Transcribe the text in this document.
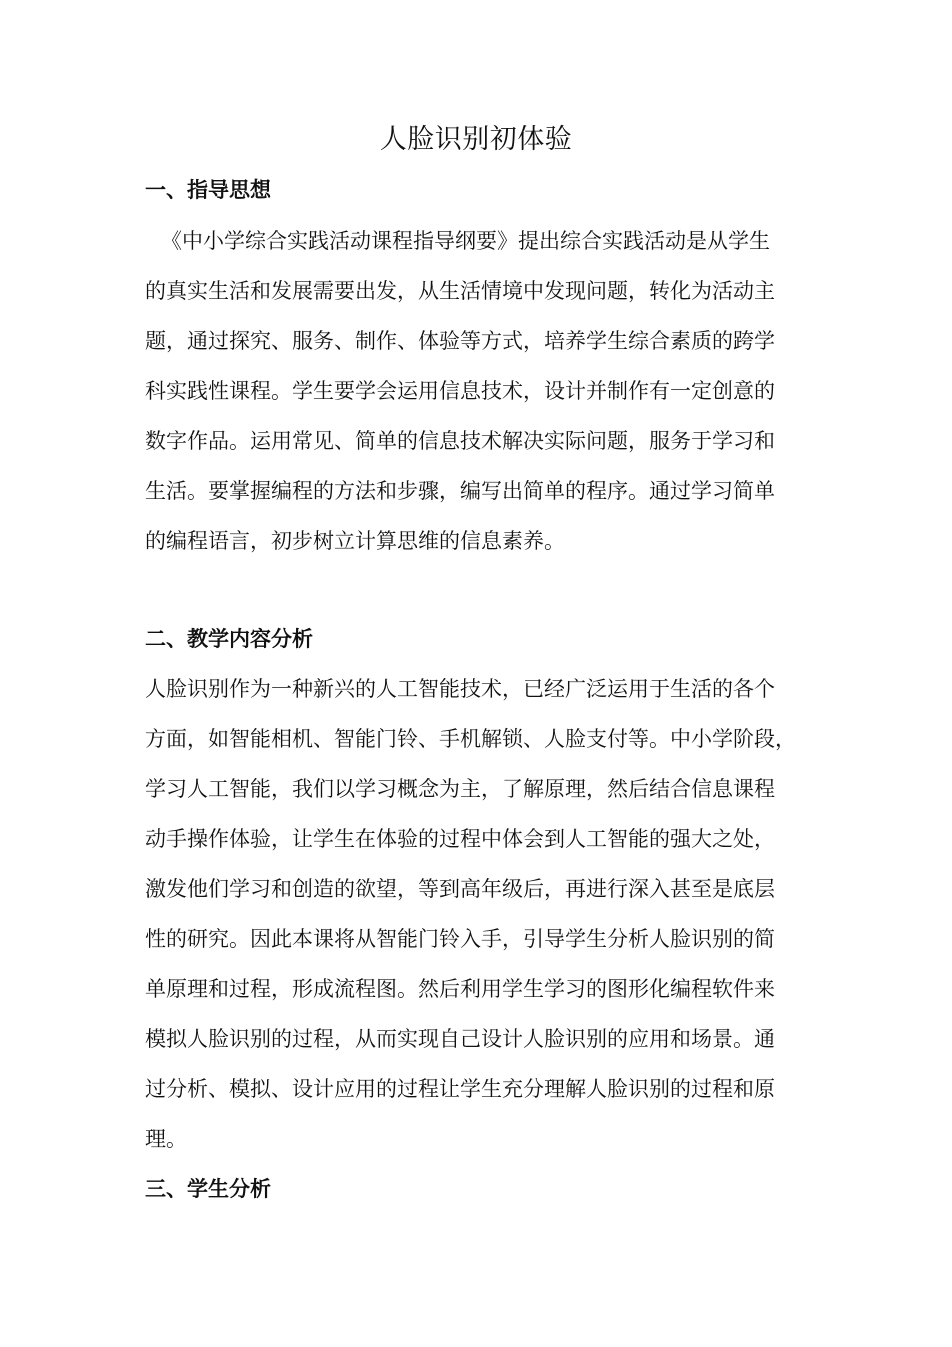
人脸识别初体验
一、指导思想
《中小学综合实践活动课程指导纲要》提出综合实践活动是从学生
的真实生活和发展需要出发，从生活情境中发现问题，转化为活动主
题，通过探究、服务、制作、体验等方式，培养学生综合素质的跨学
科实践性课程。学生要学会运用信息技术，设计并制作有一定创意的
数字作品。运用常见、简单的信息技术解决实际问题，服务于学习和
生活。要掌握编程的方法和步骤，编写出简单的程序。通过学习简单
的编程语言，初步树立计算思维的信息素养。
二、教学内容分析
人脸识别作为一种新兴的人工智能技术，已经广泛运用于生活的各个
方面，如智能相机、智能门铃、手机解锁、人脸支付等。中小学阶段，
学习人工智能，我们以学习概念为主，了解原理，然后结合信息课程
动手操作体验，让学生在体验的过程中体会到人工智能的强大之处，
激发他们学习和创造的欲望，等到高年级后，再进行深入甚至是底层
性的研究。因此本课将从智能门铃入手，引导学生分析人脸识别的简
单原理和过程，形成流程图。然后利用学生学习的图形化编程软件来
模拟人脸识别的过程，从而实现自己设计人脸识别的应用和场景。通
过分析、模拟、设计应用的过程让学生充分理解人脸识别的过程和原
理。
三、学生分析
